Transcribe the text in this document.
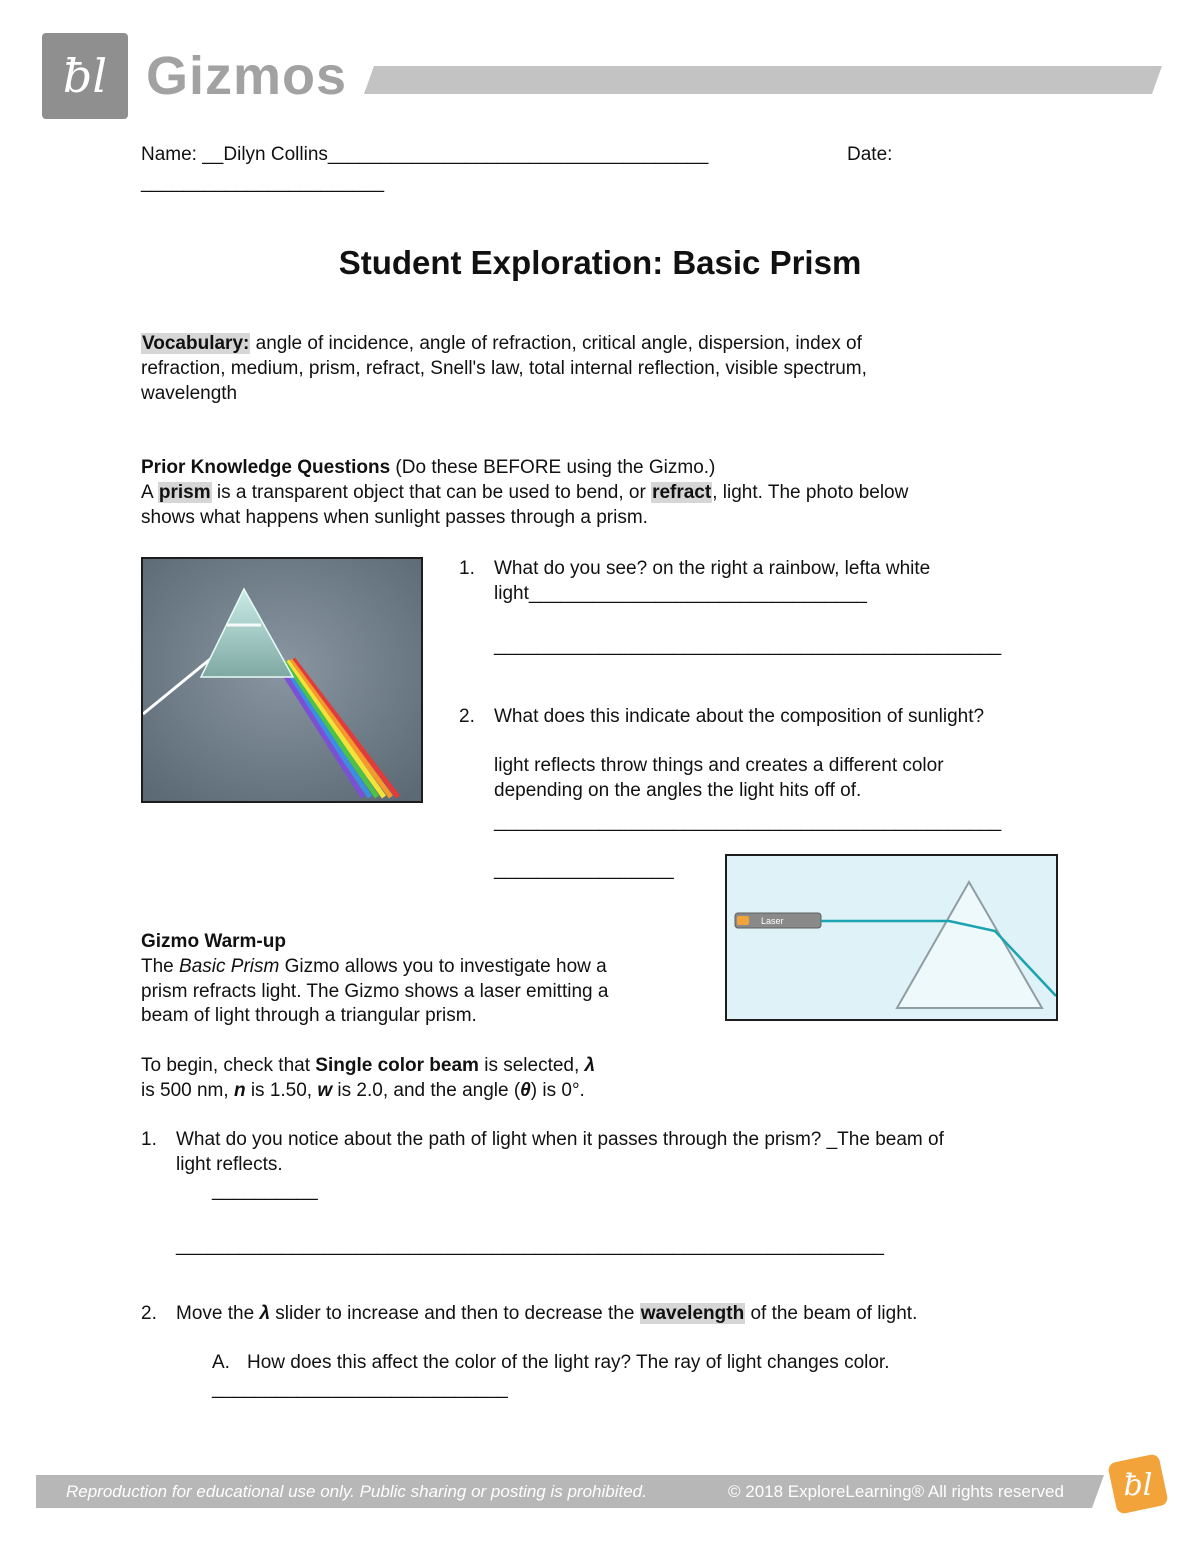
ƀl Gizmos
Name: __Dilyn Collins____________________________________	Date:
_______________________
Student Exploration: Basic Prism
Vocabulary: angle of incidence, angle of refraction, critical angle, dispersion, index of
refraction, medium, prism, refract, Snell's law, total internal reflection, visible spectrum,
wavelength
Prior Knowledge Questions (Do these BEFORE using the Gizmo.)
A prism is a transparent object that can be used to bend, or refract, light. The photo below
shows what happens when sunlight passes through a prism.
1. What do you see? on the right a rainbow, lefta white
light________________________________
________________________________________________
2. What does this indicate about the composition of sunlight?
light reflects throw things and creates a different color
depending on the angles the light hits off of.
________________________________________________
_________________
Laser
Gizmo Warm-up
The Basic Prism Gizmo allows you to investigate how a
prism refracts light. The Gizmo shows a laser emitting a
beam of light through a triangular prism.
To begin, check that Single color beam is selected, λ
is 500 nm, n is 1.50, w is 2.0, and the angle (θ) is 0°.
1. What do you notice about the path of light when it passes through the prism? _The beam of
light reflects.
__________
___________________________________________________________________
2. Move the λ slider to increase and then to decrease the wavelength of the beam of light.
A. How does this affect the color of the light ray? The ray of light changes color.
____________________________
Reproduction for educational use only. Public sharing or posting is prohibited.	© 2018 ExploreLearning® All rights reserved ƀl
